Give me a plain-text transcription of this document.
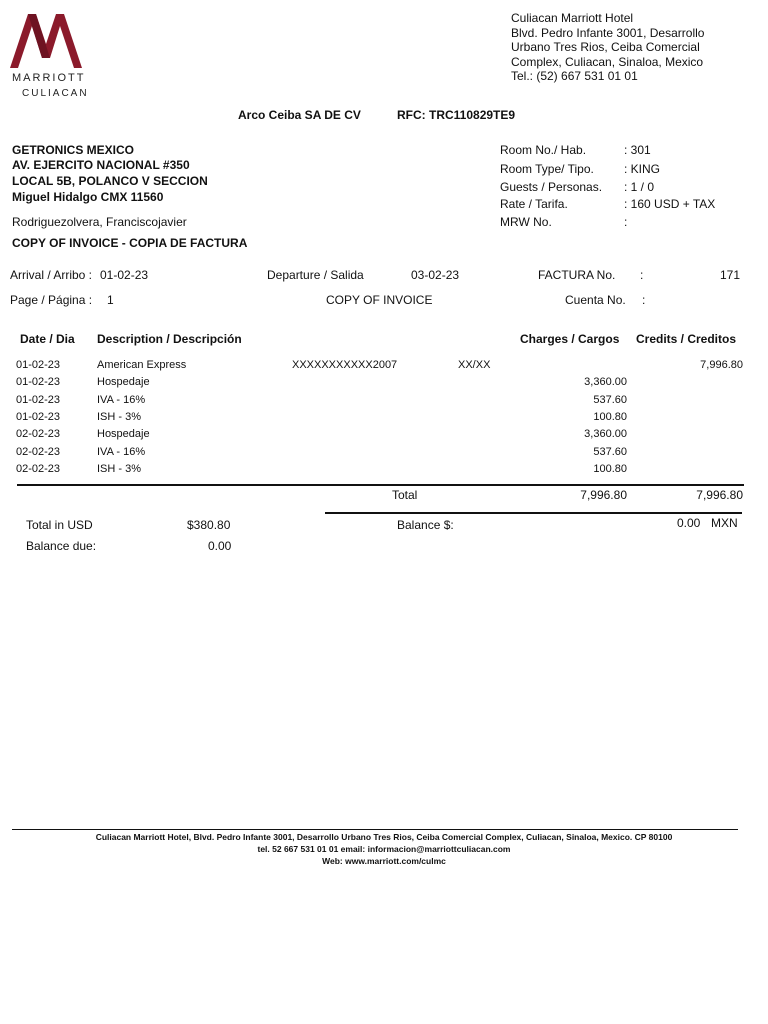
MARRIOTT
CULIACAN
Culiacan Marriott Hotel
Blvd. Pedro Infante 3001, Desarrollo
Urbano Tres Rios, Ceiba Comercial
Complex, Culiacan, Sinaloa, Mexico
Tel.: (52) 667 531 01 01
Arco Ceiba SA DE CV	RFC: TRC110829TE9
GETRONICS MEXICO
AV. EJERCITO NACIONAL #350
LOCAL 5B, POLANCO V SECCION
Miguel Hidalgo CMX 11560
Rodriguezolvera, Franciscojavier
COPY OF INVOICE - COPIA DE FACTURA
Room No./ Hab.	: 301
Room Type/ Tipo.	: KING
Guests / Personas. : 1 / 0
Rate / Tarifa.	: 160 USD + TAX
MRW No.	:
Arrival / Arribo : 01-02-23	Departure / Salida	03-02-23	FACTURA No. :	171
Page / Página : 1	COPY OF INVOICE	Cuenta No. :
Date / Dia Description / Descripción	Charges / Cargos Credits / Creditos
01-02-23	American Express	XXXXXXXXXXX2007	XX/XX	7,996.80
01-02-23	Hospedaje	3,360.00
01-02-23	IVA - 16%	537.60
01-02-23	ISH - 3%	100.80
02-02-23	Hospedaje	3,360.00
02-02-23	IVA - 16%	537.60
02-02-23	ISH - 3%	100.80
Total	7,996.80	7,996.80
Total in USD	$380.80
Balance due:	0.00
Balance $:	0.00 MXN
Culiacan Marriott Hotel, Blvd. Pedro Infante 3001, Desarrollo Urbano Tres Rios, Ceiba Comercial Complex, Culiacan, Sinaloa, Mexico. CP 80100
tel. 52 667 531 01 01 email: informacion@marriottculiacan.com
Web: www.marriott.com/culmc
